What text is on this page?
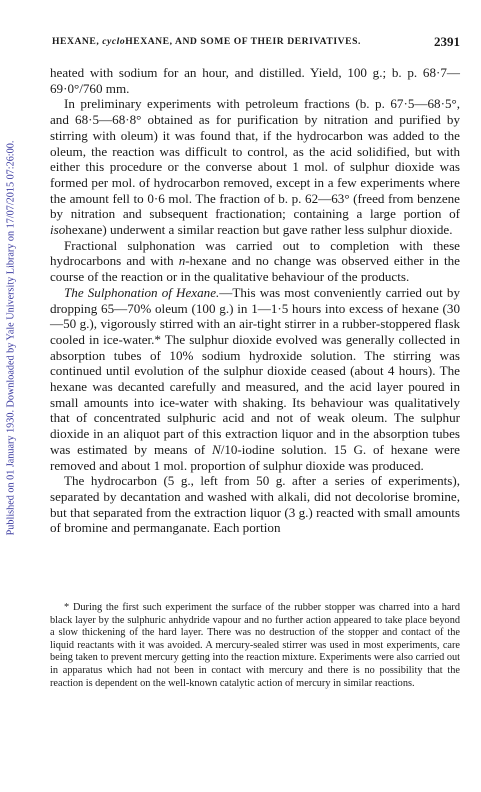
Published on 01 January 1930. Downloaded by Yale University Library on 17/07/2015 07:26:00.
HEXANE, cycloHEXANE, AND SOME OF THEIR DERIVATIVES.	2391

heated with sodium for an hour, and distilled. Yield, 100 g.; b. p. 68·7—69·0°/760 mm.

In preliminary experiments with petroleum fractions (b. p. 67·5—68·5°, and 68·5—68·8° obtained as for purification by nitration and purified by stirring with oleum) it was found that, if the hydrocarbon was added to the oleum, the reaction was difficult to control, as the acid solidified, but with either this procedure or the converse about 1 mol. of sulphur dioxide was formed per mol. of hydrocarbon removed, except in a few experiments where the amount fell to 0·6 mol. The fraction of b. p. 62—63° (freed from benzene by nitration and subsequent fractionation; containing a large portion of isohexane) underwent a similar reaction but gave rather less sulphur dioxide.

Fractional sulphonation was carried out to completion with these hydrocarbons and with n-hexane and no change was observed either in the course of the reaction or in the qualitative behaviour of the products.

The Sulphonation of Hexane.—This was most conveniently carried out by dropping 65—70% oleum (100 g.) in 1—1·5 hours into excess of hexane (30—50 g.), vigorously stirred with an air-tight stirrer in a rubber-stoppered flask cooled in ice-water.* The sulphur dioxide evolved was generally collected in absorption tubes of 10% sodium hydroxide solution. The stirring was continued until evolution of the sulphur dioxide ceased (about 4 hours). The hexane was decanted carefully and measured, and the acid layer poured in small amounts into ice-water with shaking. Its behaviour was qualitatively that of concentrated sulphuric acid and not of weak oleum. The sulphur dioxide in an aliquot part of this extraction liquor and in the absorption tubes was estimated by means of N/10-iodine solution. 15 G. of hexane were removed and about 1 mol. proportion of sulphur dioxide was produced.

The hydrocarbon (5 g., left from 50 g. after a series of experiments), separated by decantation and washed with alkali, did not decolorise bromine, but that separated from the extraction liquor (3 g.) reacted with small amounts of bromine and permanganate. Each portion

* During the first such experiment the surface of the rubber stopper was charred into a hard black layer by the sulphuric anhydride vapour and no further action appeared to take place beyond a slow thickening of the hard layer. There was no destruction of the stopper and contact of the liquid reactants with it was avoided. A mercury-sealed stirrer was used in most experiments, care being taken to prevent mercury getting into the reaction mixture. Experiments were also carried out in apparatus which had not been in contact with mercury and there is no possibility that the reaction is dependent on the well-known catalytic action of mercury in similar reactions.
